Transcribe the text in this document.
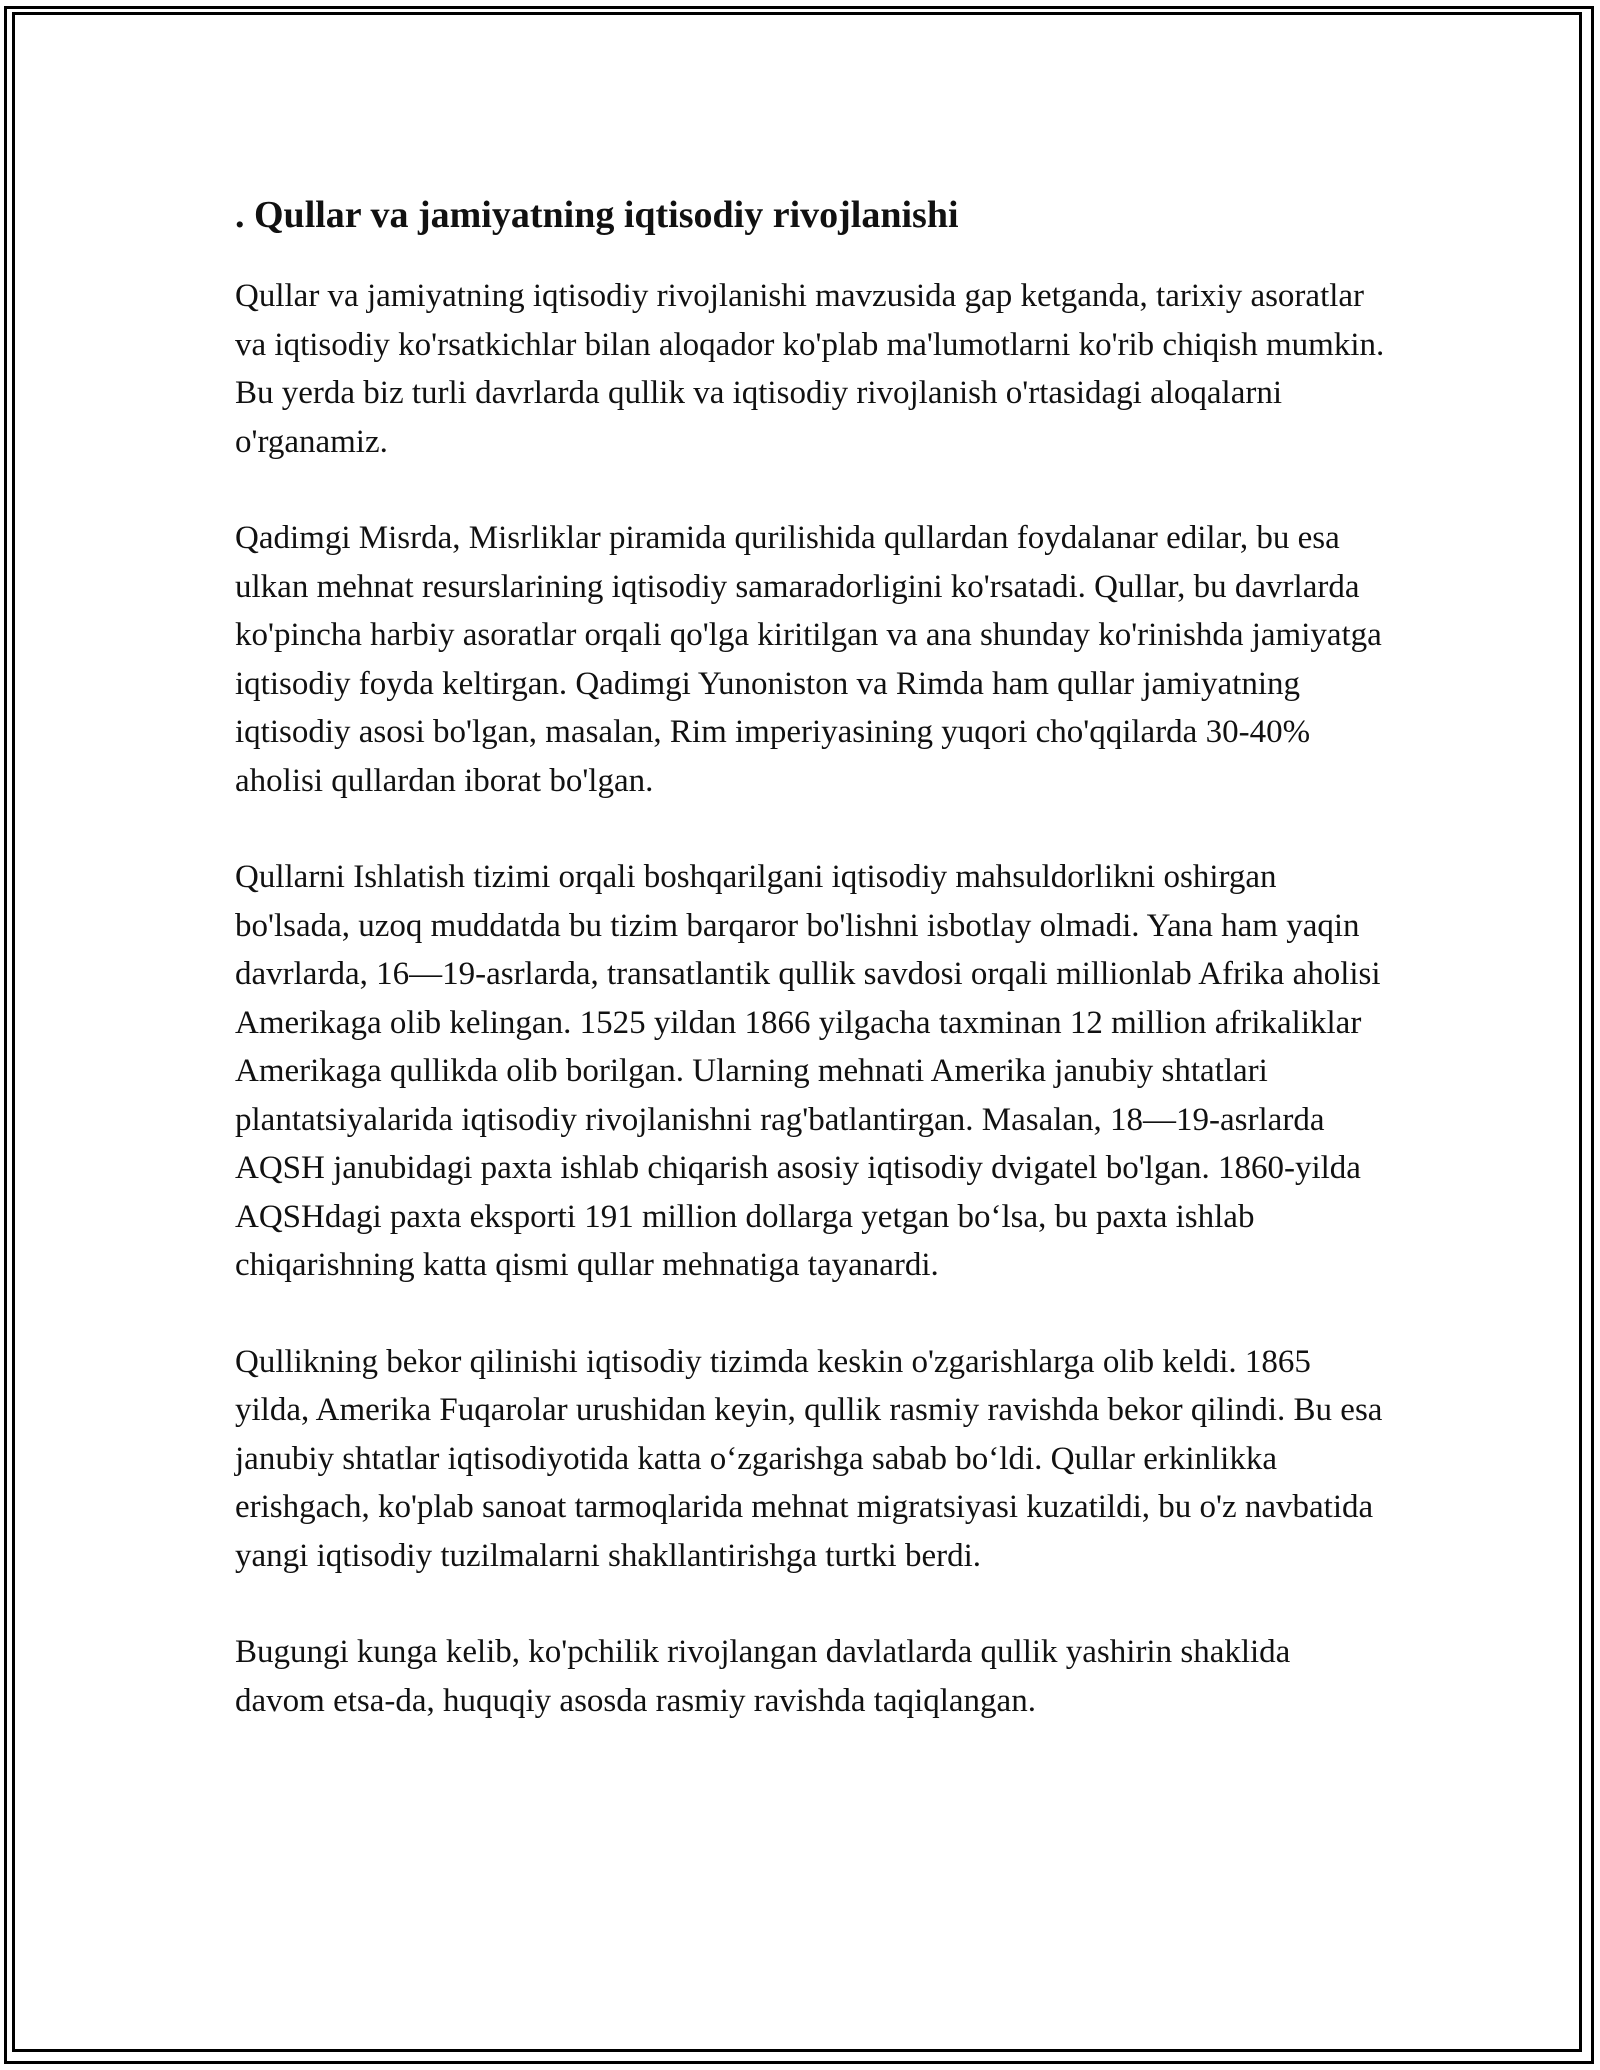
. Qullar va jamiyatning iqtisodiy rivojlanishi

Qullar va jamiyatning iqtisodiy rivojlanishi mavzusida gap ketganda, tarixiy asoratlar va iqtisodiy ko'rsatkichlar bilan aloqador ko'plab ma'lumotlarni ko'rib chiqish mumkin. Bu yerda biz turli davrlarda qullik va iqtisodiy rivojlanish o'rtasidagi aloqalarni o'rganamiz.

Qadimgi Misrda, Misrliklar piramida qurilishida qullardan foydalanar edilar, bu esa ulkan mehnat resurslarining iqtisodiy samaradorligini ko'rsatadi. Qullar, bu davrlarda ko'pincha harbiy asoratlar orqali qo'lga kiritilgan va ana shunday ko'rinishda jamiyatga iqtisodiy foyda keltirgan. Qadimgi Yunoniston va Rimda ham qullar jamiyatning iqtisodiy asosi bo'lgan, masalan, Rim imperiyasining yuqori cho'qqilarda 30-40% aholisi qullardan iborat bo'lgan.

Qullarni Ishlatish tizimi orqali boshqarilgani iqtisodiy mahsuldorlikni oshirgan bo'lsada, uzoq muddatda bu tizim barqaror bo'lishni isbotlay olmadi. Yana ham yaqin davrlarda, 16—19-asrlarda, transatlantik qullik savdosi orqali millionlab Afrika aholisi Amerikaga olib kelingan. 1525 yildan 1866 yilgacha taxminan 12 million afrikaliklar Amerikaga qullikda olib borilgan. Ularning mehnati Amerika janubiy shtatlari plantatsiyalarida iqtisodiy rivojlanishni rag'batlantirgan. Masalan, 18—19-asrlarda AQSH janubidagi paxta ishlab chiqarish asosiy iqtisodiy dvigatel bo'lgan. 1860-yilda AQSHdagi paxta eksporti 191 million dollarga yetgan bo‘lsa, bu paxta ishlab chiqarishning katta qismi qullar mehnatiga tayanardi.

Qullikning bekor qilinishi iqtisodiy tizimda keskin o'zgarishlarga olib keldi. 1865 yilda, Amerika Fuqarolar urushidan keyin, qullik rasmiy ravishda bekor qilindi. Bu esa janubiy shtatlar iqtisodiyotida katta o‘zgarishga sabab bo‘ldi. Qullar erkinlikka erishgach, ko'plab sanoat tarmoqlarida mehnat migratsiyasi kuzatildi, bu o'z navbatida yangi iqtisodiy tuzilmalarni shakllantirishga turtki berdi.

Bugungi kunga kelib, ko'pchilik rivojlangan davlatlarda qullik yashirin shaklida davom etsa-da, huquqiy asosda rasmiy ravishda taqiqlangan.
